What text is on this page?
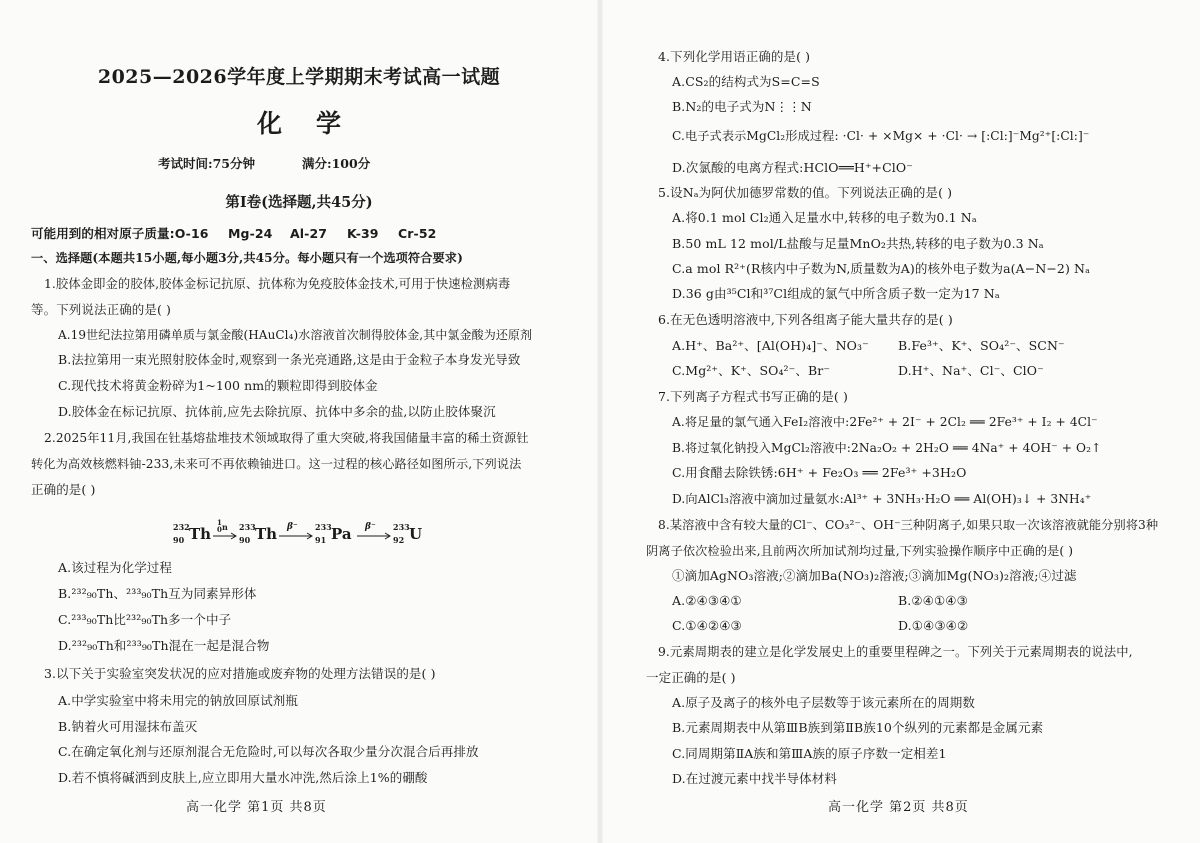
2025—2026学年度上学期期末考试高一试题
化学
考试时间:75分钟	满分:100分
第Ⅰ卷(选择题,共45分)
可能用到的相对原子质量:O-16 Mg-24 Al-27 K-39 Cr-52
一、选择题(本题共15小题,每小题3分,共45分。每小题只有一个选项符合要求)
1.胶体金即金的胶体,胶体金标记抗原、抗体称为免疫胶体金技术,可用于快速检测病毒
等。下列说法正确的是( )
A.19世纪法拉第用磷单质与氯金酸(HAuCl₄)水溶液首次制得胶体金,其中氯金酸为还原剂
B.法拉第用一束光照射胶体金时,观察到一条光亮通路,这是由于金粒子本身发光导致
C.现代技术将黄金粉碎为1~100 nm的颗粒即得到胶体金
D.胶体金在标记抗原、抗体前,应先去除抗原、抗体中多余的盐,以防止胶体聚沉
2.2025年11月,我国在钍基熔盐堆技术领域取得了重大突破,将我国储量丰富的稀土资源钍
转化为高效核燃料铀-233,未来可不再依赖铀进口。这一过程的核心路径如图所示,下列说法
正确的是( )
232
90 Th
1
0 n 233
90 Th β⁻ 233
91 Pa β⁻ 233
92 U
A.该过程为化学过程
B.²³²₉₀Th、²³³₉₀Th互为同素异形体
C.²³³₉₀Th比²³²₉₀Th多一个中子
D.²³²₉₀Th和²³³₉₀Th混在一起是混合物
3.以下关于实验室突发状况的应对措施或废弃物的处理方法错误的是( )
A.中学实验室中将未用完的钠放回原试剂瓶
B.钠着火可用湿抹布盖灭
C.在确定氧化剂与还原剂混合无危险时,可以每次各取少量分次混合后再排放
D.若不慎将碱洒到皮肤上,应立即用大量水冲洗,然后涂上1%的硼酸
高一化学 第1页 共8页
4.下列化学用语正确的是( )
A.CS₂的结构式为S=C=S
B.N₂的电子式为N⋮⋮N
C.电子式表示MgCl₂形成过程: ·Cl· + ×Mg× + ·Cl· → [:Cl:]⁻Mg²⁺[:Cl:]⁻
D.次氯酸的电离方程式:HClO══H⁺+ClO⁻
5.设Nₐ为阿伏加德罗常数的值。下列说法正确的是( )
A.将0.1 mol Cl₂通入足量水中,转移的电子数为0.1 Nₐ
B.50 mL 12 mol/L盐酸与足量MnO₂共热,转移的电子数为0.3 Nₐ
C.a mol R²⁺(R核内中子数为N,质量数为A)的核外电子数为a(A−N−2) Nₐ
D.36 g由³⁵Cl和³⁷Cl组成的氯气中所含质子数一定为17 Nₐ
6.在无色透明溶液中,下列各组离子能大量共存的是( )
A.H⁺、Ba²⁺、[Al(OH)₄]⁻、NO₃⁻ B.Fe³⁺、K⁺、SO₄²⁻、SCN⁻
C.Mg²⁺、K⁺、SO₄²⁻、Br⁻	D.H⁺、Na⁺、Cl⁻、ClO⁻
7.下列离子方程式书写正确的是( )
A.将足量的氯气通入FeI₂溶液中:2Fe²⁺ + 2I⁻ + 2Cl₂ ══ 2Fe³⁺ + I₂ + 4Cl⁻
B.将过氧化钠投入MgCl₂溶液中:2Na₂O₂ + 2H₂O ══ 4Na⁺ + 4OH⁻ + O₂↑
C.用食醋去除铁锈:6H⁺ + Fe₂O₃ ══ 2Fe³⁺ +3H₂O
D.向AlCl₃溶液中滴加过量氨水:Al³⁺ + 3NH₃·H₂O ══ Al(OH)₃↓ + 3NH₄⁺
8.某溶液中含有较大量的Cl⁻、CO₃²⁻、OH⁻三种阴离子,如果只取一次该溶液就能分别将3种
阴离子依次检验出来,且前两次所加试剂均过量,下列实验操作顺序中正确的是( )
①滴加AgNO₃溶液;②滴加Ba(NO₃)₂溶液;③滴加Mg(NO₃)₂溶液;④过滤
A.②④③④①	B.②④①④③
C.①④②④③	D.①④③④②
9.元素周期表的建立是化学发展史上的重要里程碑之一。下列关于元素周期表的说法中,
一定正确的是( )
A.原子及离子的核外电子层数等于该元素所在的周期数
B.元素周期表中从第ⅢB族到第ⅡB族10个纵列的元素都是金属元素
C.同周期第ⅡA族和第ⅢA族的原子序数一定相差1
D.在过渡元素中找半导体材料
高一化学 第2页 共8页
